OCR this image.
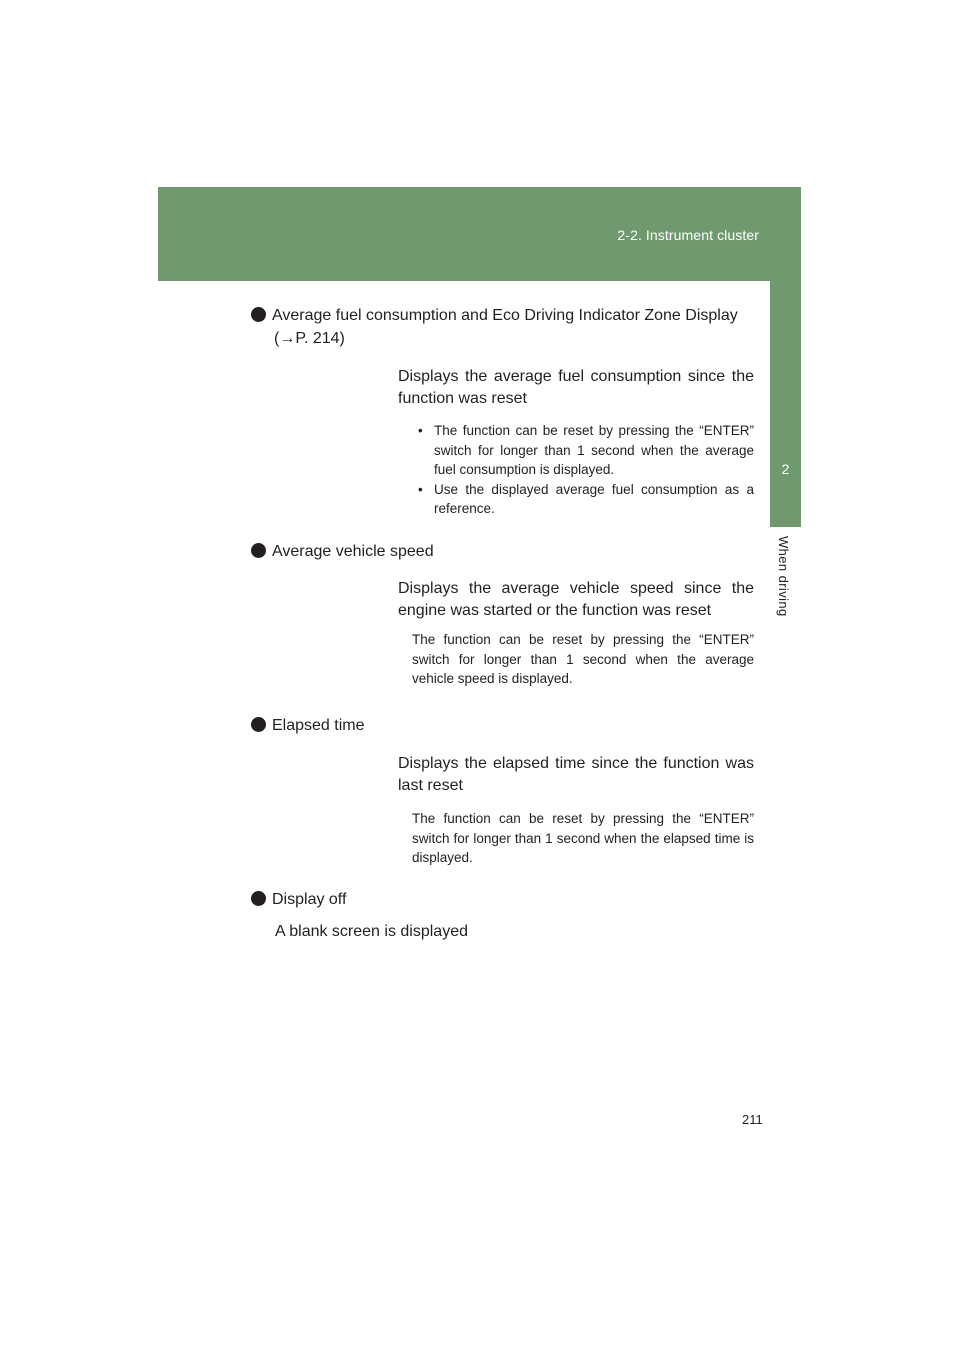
2-2. Instrument cluster
2
When driving
Average fuel consumption and Eco Driving Indicator Zone Display
(→P. 214)
Displays the average fuel consumption since the function was reset
• The function can be reset by pressing the “ENTER” switch for longer than 1 second when the average fuel consumption is displayed.
• Use the displayed average fuel consumption as a reference.
Average vehicle speed
Displays the average vehicle speed since the engine was started or the function was reset
The function can be reset by pressing the “ENTER” switch for longer than 1 second when the average vehicle speed is displayed.
Elapsed time
Displays the elapsed time since the function was last reset
The function can be reset by pressing the “ENTER” switch for longer than 1 second when the elapsed time is displayed.
Display off
A blank screen is displayed
211
